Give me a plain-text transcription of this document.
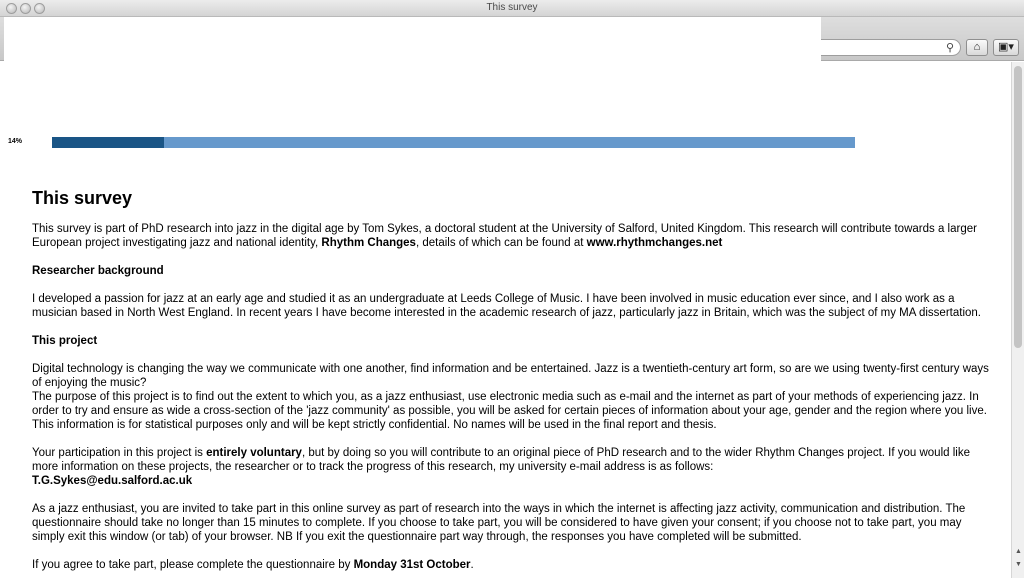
This survey
⚲	⌂	▣▾
▲
▼
14%
This survey

This survey is part of PhD research into jazz in the digital age by Tom Sykes, a doctoral student at the University of Salford, United Kingdom. This research will contribute towards a larger European project investigating jazz and national identity, Rhythm Changes, details of which can be found at www.rhythmchanges.net

Researcher background

I developed a passion for jazz at an early age and studied it as an undergraduate at Leeds College of Music. I have been involved in music education ever since, and I also work as a musician based in North West England. In recent years I have become interested in the academic research of jazz, particularly jazz in Britain, which was the subject of my MA dissertation.

This project

Digital technology is changing the way we communicate with one another, find information and be entertained. Jazz is a twentieth-century art form, so are we using twenty-first century ways of enjoying the music?

The purpose of this project is to find out the extent to which you, as a jazz enthusiast, use electronic media such as e-mail and the internet as part of your methods of experiencing jazz. In order to try and ensure as wide a cross-section of the 'jazz community' as possible, you will be asked for certain pieces of information about your age, gender and the region where you live. This information is for statistical purposes only and will be kept strictly confidential. No names will be used in the final report and thesis.

Your participation in this project is entirely voluntary, but by doing so you will contribute to an original piece of PhD research and to the wider Rhythm Changes project. If you would like more information on these projects, the researcher or to track the progress of this research, my university e-mail address is as follows:

T.G.Sykes@edu.salford.ac.uk

As a jazz enthusiast, you are invited to take part in this online survey as part of research into the ways in which the internet is affecting jazz activity, communication and distribution. The questionnaire should take no longer than 15 minutes to complete. If you choose to take part, you will be considered to have given your consent; if you choose not to take part, you may simply exit this window (or tab) of your browser. NB If you exit the questionnaire part way through, the responses you have completed will be submitted.

If you agree to take part, please complete the questionnaire by Monday 31st October.
